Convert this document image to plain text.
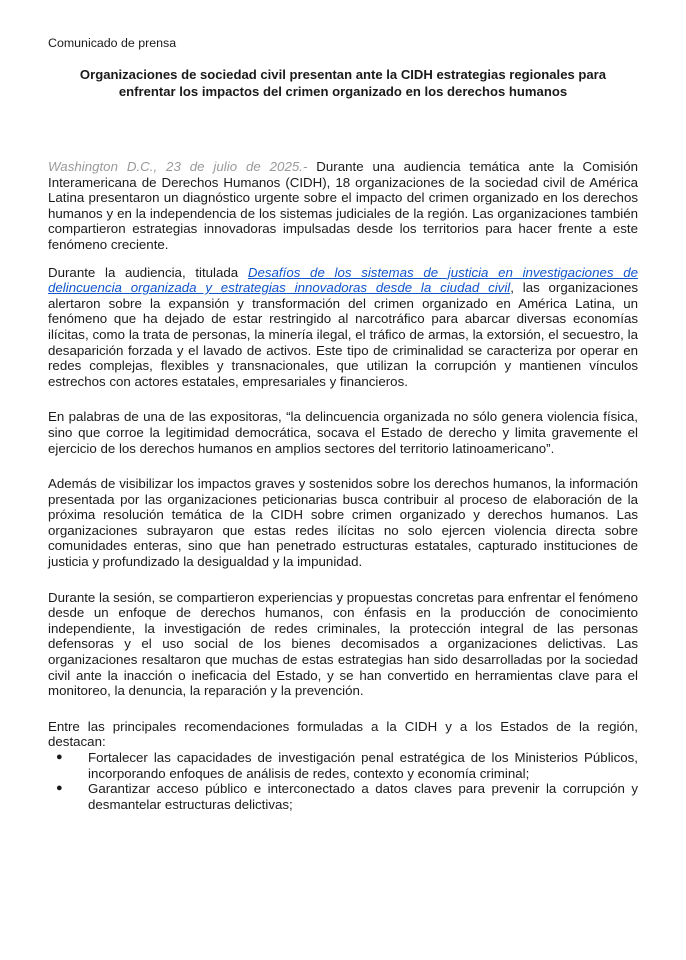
Comunicado de prensa
Organizaciones de sociedad civil presentan ante la CIDH estrategias regionales para
enfrentar los impactos del crimen organizado en los derechos humanos

Washington D.C., 23 de julio de 2025.- Durante una audiencia temática ante la Comisión Interamericana de Derechos Humanos (CIDH), 18 organizaciones de la sociedad civil de América Latina presentaron un diagnóstico urgente sobre el impacto del crimen organizado en los derechos humanos y en la independencia de los sistemas judiciales de la región. Las organizaciones también compartieron estrategias innovadoras impulsadas desde los territorios para hacer frente a este fenómeno creciente.

Durante la audiencia, titulada Desafíos de los sistemas de justicia en investigaciones de delincuencia organizada y estrategias innovadoras desde la ciudad civil, las organizaciones alertaron sobre la expansión y transformación del crimen organizado en América Latina, un fenómeno que ha dejado de estar restringido al narcotráfico para abarcar diversas economías ilícitas, como la trata de personas, la minería ilegal, el tráfico de armas, la extorsión, el secuestro, la desaparición forzada y el lavado de activos. Este tipo de criminalidad se caracteriza por operar en redes complejas, flexibles y transnacionales, que utilizan la corrupción y mantienen vínculos estrechos con actores estatales, empresariales y financieros.

En palabras de una de las expositoras, “la delincuencia organizada no sólo genera violencia física, sino que corroe la legitimidad democrática, socava el Estado de derecho y limita gravemente el ejercicio de los derechos humanos en amplios sectores del territorio latinoamericano”.

Además de visibilizar los impactos graves y sostenidos sobre los derechos humanos, la información presentada por las organizaciones peticionarias busca contribuir al proceso de elaboración de la próxima resolución temática de la CIDH sobre crimen organizado y derechos humanos. Las organizaciones subrayaron que estas redes ilícitas no solo ejercen violencia directa sobre comunidades enteras, sino que han penetrado estructuras estatales, capturado instituciones de justicia y profundizado la desigualdad y la impunidad.

Durante la sesión, se compartieron experiencias y propuestas concretas para enfrentar el fenómeno desde un enfoque de derechos humanos, con énfasis en la producción de conocimiento independiente, la investigación de redes criminales, la protección integral de las personas defensoras y el uso social de los bienes decomisados a organizaciones delictivas. Las organizaciones resaltaron que muchas de estas estrategias han sido desarrolladas por la sociedad civil ante la inacción o ineficacia del Estado, y se han convertido en herramientas clave para el monitoreo, la denuncia, la reparación y la prevención.

Entre las principales recomendaciones formuladas a la CIDH y a los Estados de la región, destacan:

● Fortalecer las capacidades de investigación penal estratégica de los Ministerios Públicos, incorporando enfoques de análisis de redes, contexto y economía criminal;
● Garantizar acceso público e interconectado a datos claves para prevenir la corrupción y desmantelar estructuras delictivas;
